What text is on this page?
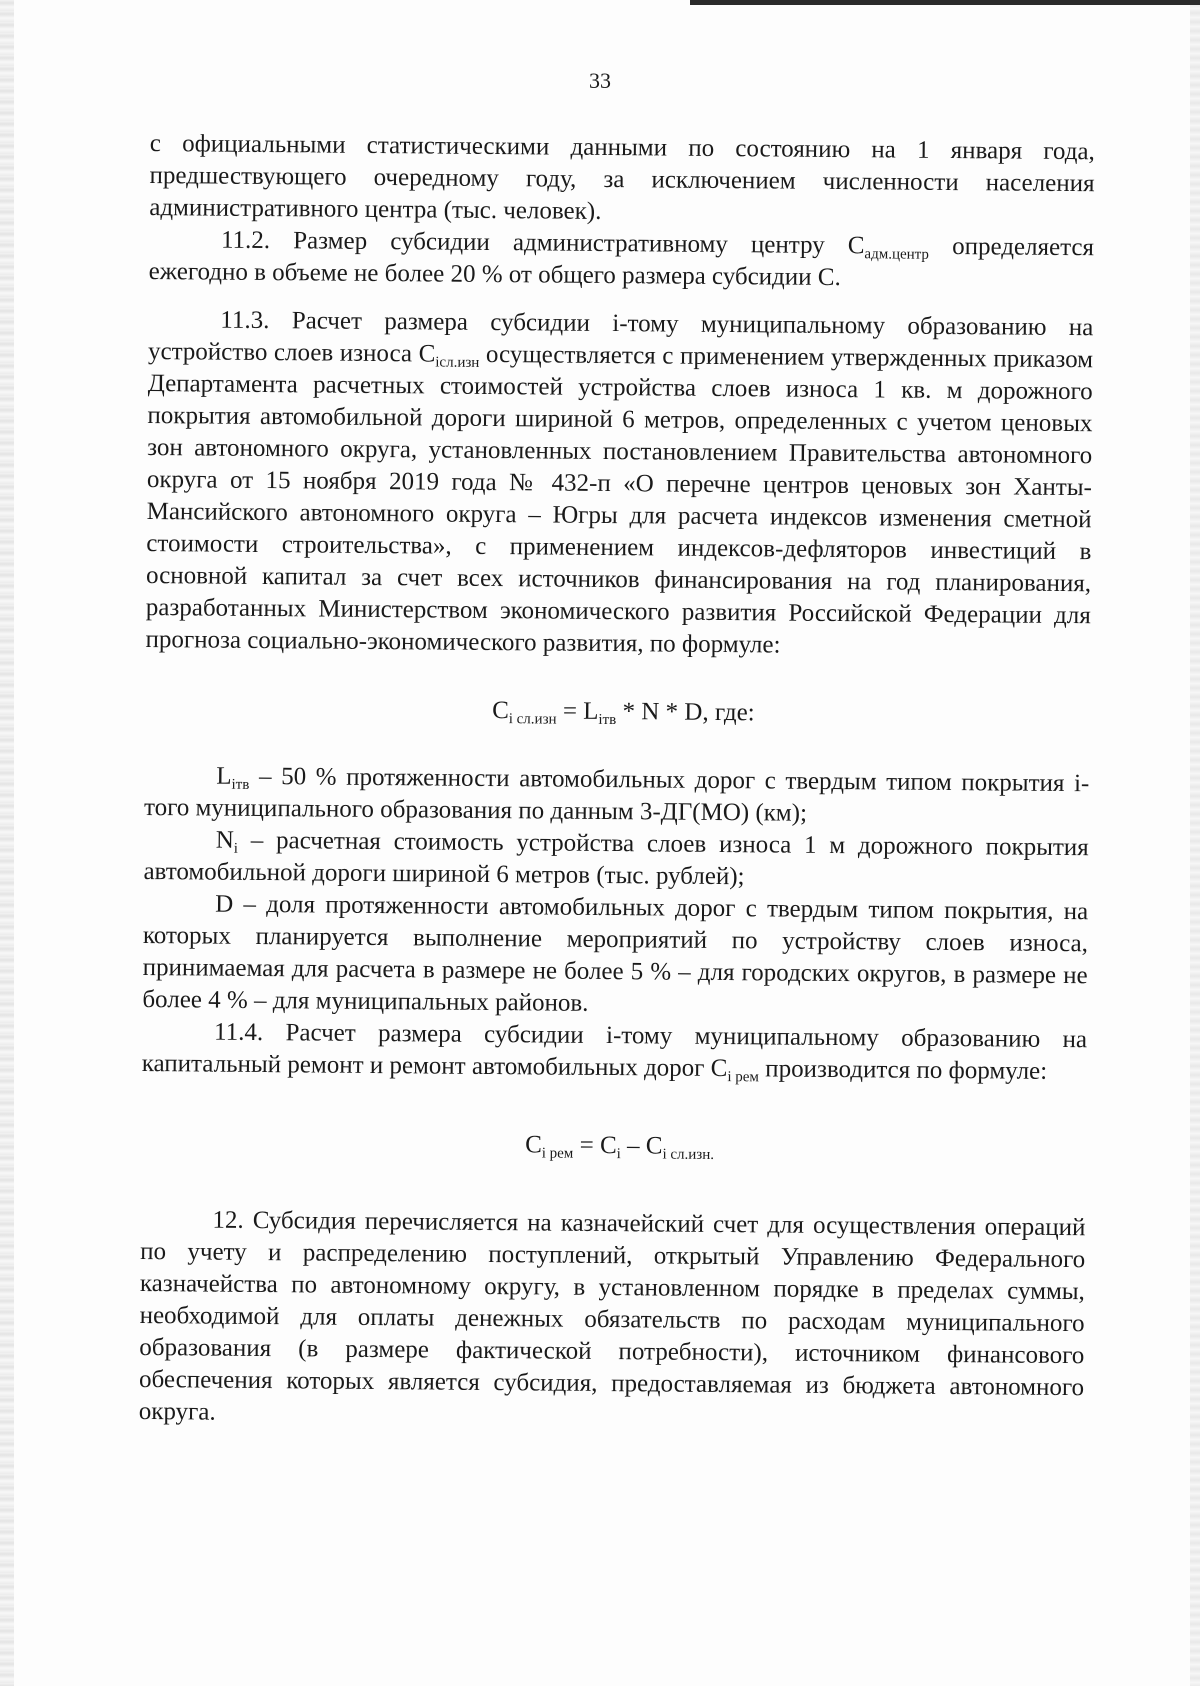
33

с официальными статистическими данными по состоянию на 1 января года, предшествующего очередному году, за исключением численности населения административного центра (тыс. человек).

11.2. Размер субсидии административному центру $С_{адм.центр}$ определяется ежегодно в объеме не более 20 % от общего размера субсидии С.

11.3. Расчет размера субсидии i-тому муниципальному образованию на устройство слоев износа $С_{iсл.изн}$ осуществляется с применением утвержденных приказом Департамента расчетных стоимостей устройства слоев износа 1 кв. м дорожного покрытия автомобильной дороги шириной 6 метров, определенных с учетом ценовых зон автономного округа, установленных постановлением Правительства автономного округа от 15 ноября 2019 года № 432-п «О перечне центров ценовых зон Ханты-Мансийского автономного округа – Югры для расчета индексов изменения сметной стоимости строительства», с применением индексов-дефляторов инвестиций в основной капитал за счет всех источников финансирования на год планирования, разработанных Министерством экономического развития Российской Федерации для прогноза социально-экономического развития, по формуле:

$С_{i сл.изн} = L_{iтв} * N * D$, где:

$L_{iтв} - 50$ % протяженности автомобильных дорог с твердым типом покрытия i-того муниципального образования по данным 3-ДГ(МО) (км);

$N_i$ – расчетная стоимость устройства слоев износа 1 м дорожного покрытия автомобильной дороги шириной 6 метров (тыс. рублей);

D – доля протяженности автомобильных дорог с твердым типом покрытия, на которых планируется выполнение мероприятий по устройству слоев износа, принимаемая для расчета в размере не более 5 % – для городских округов, в размере не более 4 % – для муниципальных районов.

11.4. Расчет размера субсидии i-тому муниципальному образованию на капитальный ремонт и ремонт автомобильных дорог $С_{i рем}$ производится по формуле:

$С_{i рем} = С_i - С_{i сл.изн.}$

12. Субсидия перечисляется на казначейский счет для осуществления операций по учету и распределению поступлений, открытый Управлению Федерального казначейства по автономному округу, в установленном порядке в пределах суммы, необходимой для оплаты денежных обязательств по расходам муниципального образования (в размере фактической потребности), источником финансового обеспечения которых является субсидия, предоставляемая из бюджета автономного округа.
